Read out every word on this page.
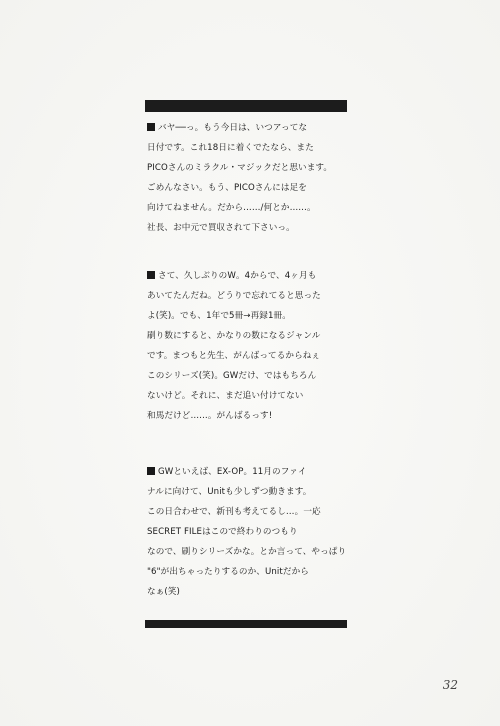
バヤ──っ。もう今日は、いつアってな
日付です。これ18日に着くでたなら、また
PICOさんのミラクル・マジックだと思います。
ごめんなさい。もう、PICOさんには足を
向けてねません。だから……/何とか……。
社長、お中元で買収されて下さいっ。
さて、久しぶりのW。4からで、4ヶ月も
あいてたんだね。どうりで忘れてると思った
よ(笑)。でも、1年で5冊→再録1冊。
刷り数にすると、かなりの数になるジャンル
です。まつもと先生、がんばってるからねぇ
このシリーズ(笑)。GWだけ、ではもちろん
ないけど。それに、まだ追い付けてない
和馬だけど……。がんばるっす!
GWといえば、EX-OP。11月のファイ
ナルに向けて、Unitも少しずつ動きます。
この日合わせで、新刊も考えてるし…。一応
SECRET FILEはこので終わりのつもり
なので、刷りシリーズかな。とか言って、やっぱり
"6"が出ちゃったりするのか、Unitだから
なぁ(笑)
32
